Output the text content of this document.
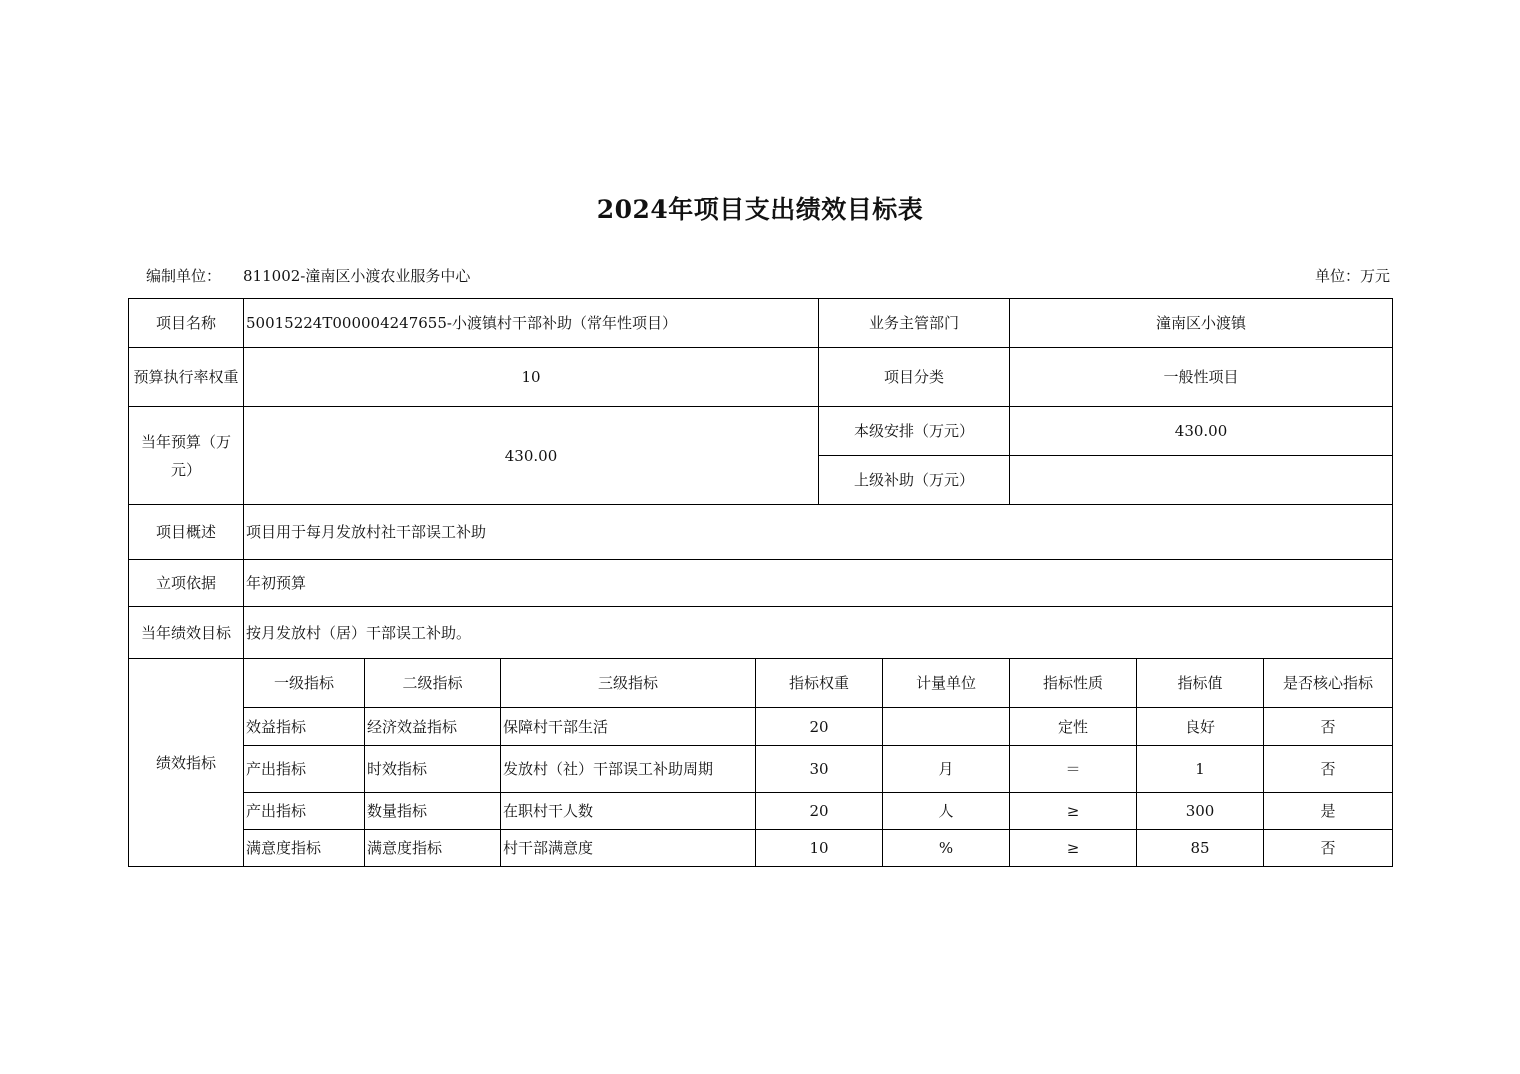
2024年项目支出绩效目标表
编制单位： 811002-潼南区小渡农业服务中心	单位：万元
项目名称	50015224T000004247655-小渡镇村干部补助（常年性项目）				业务主管部门		潼南区小渡镇		
预算执行率权重	10				项目分类		一般性项目		
当年预算（万元）	430.00				本级安排（万元）		430.00		
					上级补助（万元）				
项目概述	项目用于每月发放村社干部误工补助								
立项依据	年初预算								
当年绩效目标	按月发放村（居）干部误工补助。								
绩效指标	一级指标	二级指标	三级指标	指标权重		计量单位	指标性质	指标值	是否核心指标
	效益指标	经济效益指标	保障村干部生活	20			定性	良好	否
	产出指标	时效指标	发放村（社）干部误工补助周期	30		月	＝	1	否
	产出指标	数量指标	在职村干人数	20		人	≥	300	是
	满意度指标	满意度指标	村干部满意度	10		%	≥	85	否
